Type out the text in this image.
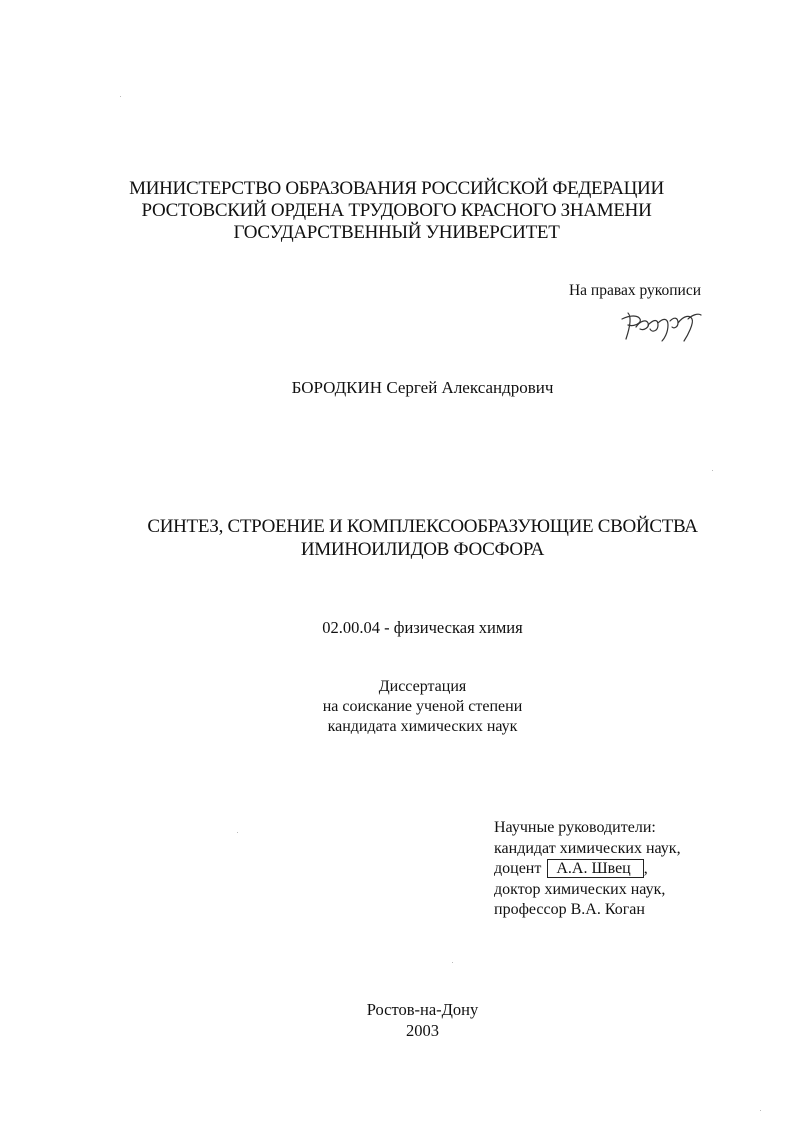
МИНИСТЕРСТВО ОБРАЗОВАНИЯ РОССИЙСКОЙ ФЕДЕРАЦИИ
РОСТОВСКИЙ ОРДЕНА ТРУДОВОГО КРАСНОГО ЗНАМЕНИ
ГОСУДАРСТВЕННЫЙ УНИВЕРСИТЕТ
На правах рукописи
БОРОДКИН Сергей Александрович
СИНТЕЗ, СТРОЕНИЕ И КОМПЛЕКСООБРАЗУЮЩИЕ СВОЙСТВА
ИМИНОИЛИДОВ ФОСФОРА
02.00.04 - физическая химия
Диссертация
на соискание ученой степени
кандидата химических наук
Научные руководители:
кандидат химических наук,
доцент А.А. Швец ,
доктор химических наук,
профессор В.А. Коган
Ростов-на-Дону
2003
